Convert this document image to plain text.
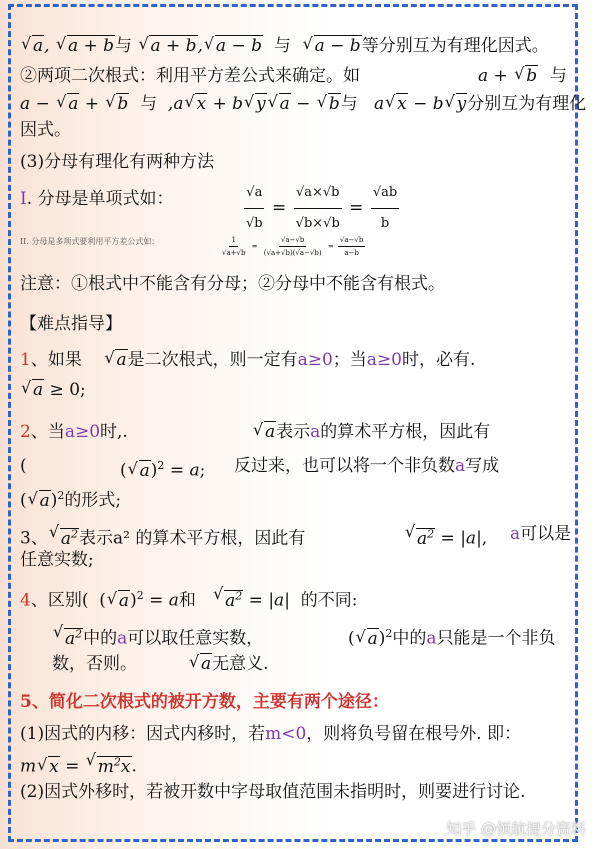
√ a, √ a + b与 √ a + b, √ a − b 与 √ a − b等分别互为有理化因式。
②两项二次根式：利用平方差公式来确定。如	a + √ b 与
a − √ a + √ b 与 ,a √ x + b √ y √ a − √ b与 a √ x − b √ y分别互为有理化
因式。
(3)分母有理化有两种方法
I. 分母是单项式如：	$\frac{√a}{√b} = \frac{√a\times√b}{√b\times√b} = \frac{√ab}{b}$
II. 分母是多项式要利用平方差公式如：	$\frac{1}{√a+√b} = \frac{√a-√b}{(√a+√b)(√a-√b)} = \frac{√a-√b}{a-b}$
注意：①根式中不能含有分母；②分母中不能含有根式。
【难点指导】
1、如果 √ a是二次根式，则一定有a≥0；当a≥0时，必有.
√ a ≥ 0;
2、当a≥0时,.	√ a表示a的算术平方根，因此有
(	( √ a)$^2$ = a; 反过来，也可以将一个非负数a写成
( √ a)$^2$的形式;
3、 √ $a^2$表示a² 的算术平方根，因此有	√ $a^2 = |a|$, a可以是
任意实数;
4、区别(  ( √ a)$^2$ = a和 √ $a^2 = |a|$  的不同:
√ $a^2$中的a可以取任意实数，	( √ a)$^2$中的a只能是一个非负
数，否则。	√ a无意义.
5、简化二次根式的被开方数，主要有两个途径：
(1)因式的内移：因式内移时，若m<0，则将负号留在根号外. 即：
m √ x = √ $m^2x$.
(2)因式外移时，若被开数中字母取值范围未指明时，则要进行讨论.
知乎 @领航提分资料
